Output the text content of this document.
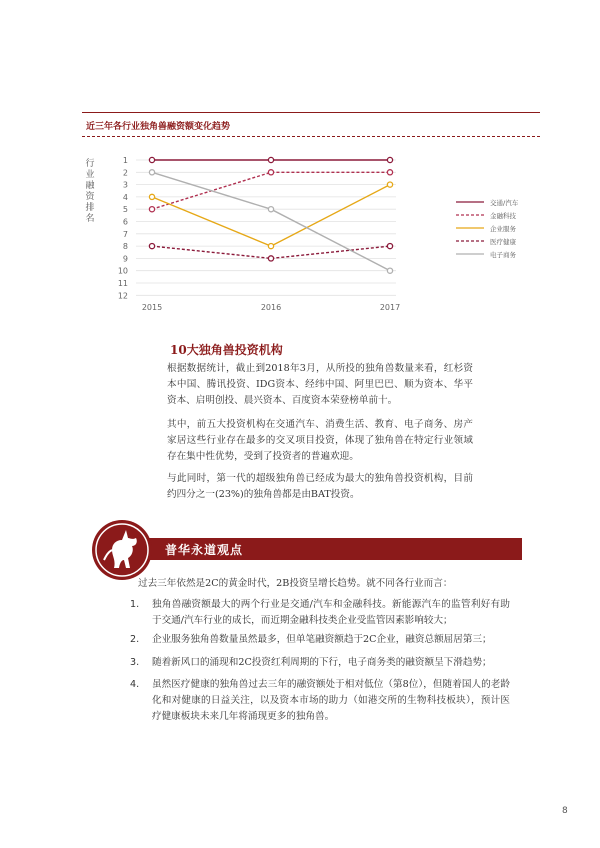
近三年各行业独角兽融资额变化趋势
行
业
融
资
排
名
1
2
3
4
5
6
7
8
9
10
11
12
2015	2016	2017
交通/汽车
金融科技
企业服务
医疗健康
电子商务
10大独角兽投资机构
根据数据统计，截止到2018年3月，从所投的独角兽数量来看，红杉资本中国、腾讯投资、IDG资本、经纬中国、阿里巴巴、顺为资本、华平资本、启明创投、晨兴资本、百度资本荣登榜单前十。
其中，前五大投资机构在交通汽车、消费生活、教育、电子商务、房产家居这些行业存在最多的交叉项目投资，体现了独角兽在特定行业领域存在集中性优势，受到了投资者的普遍欢迎。
与此同时，第一代的超级独角兽已经成为最大的独角兽投资机构，目前约四分之一(23%)的独角兽都是由BAT投资。
普华永道观点
过去三年依然是2C的黄金时代，2B投资呈增长趋势。就不同各行业而言：
1.	独角兽融资额最大的两个行业是交通/汽车和金融科技。新能源汽车的监管利好有助于交通/汽车行业的成长，而近期金融科技类企业受监管因素影响较大；
2.	企业服务独角兽数量虽然最多，但单笔融资额趋于2C企业，融资总额屈居第三；
3.	随着新风口的涌现和2C投资红利周期的下行，电子商务类的融资额呈下滑趋势；
4.	虽然医疗健康的独角兽过去三年的融资额处于相对低位（第8位），但随着国人的老龄化和对健康的日益关注，以及资本市场的助力（如港交所的生物科技板块），预计医疗健康板块未来几年将涌现更多的独角兽。
8
